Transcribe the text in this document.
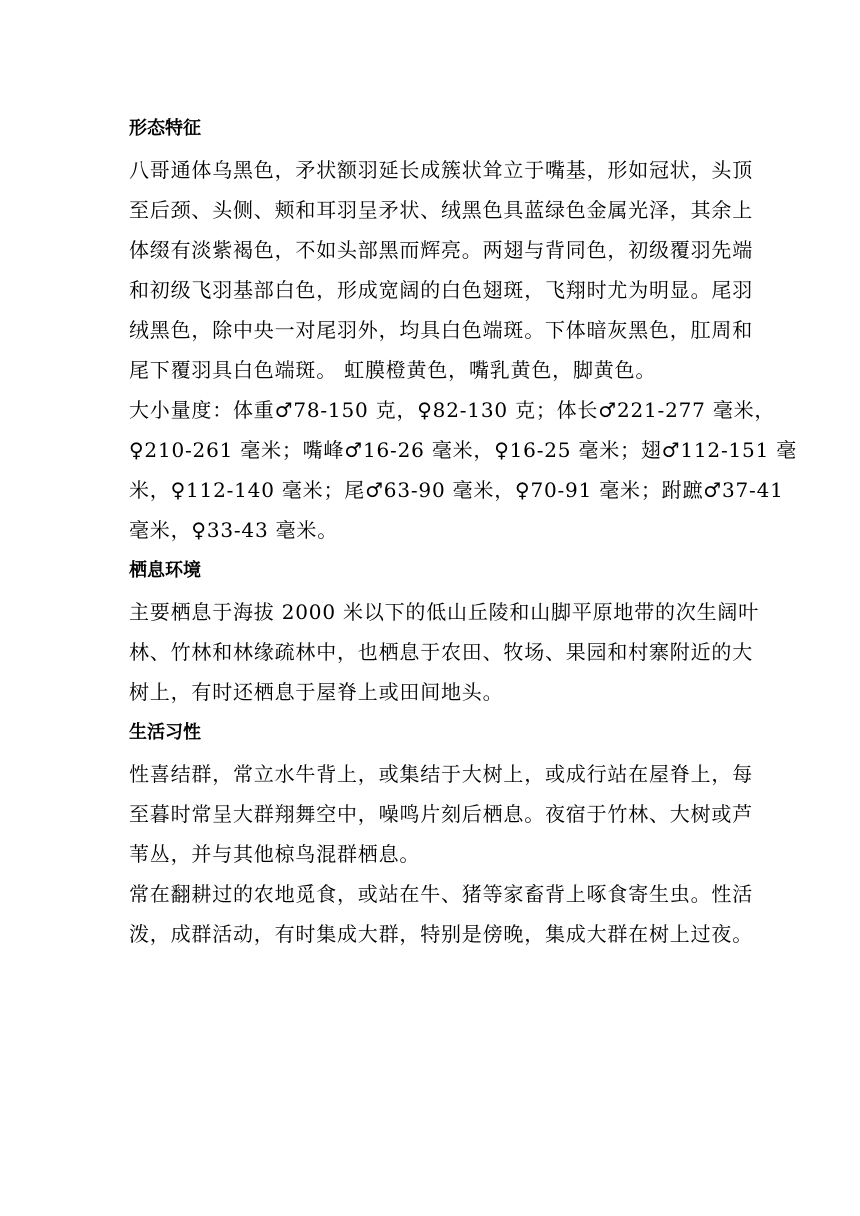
形态特征
八哥通体乌黑色，矛状额羽延长成簇状耸立于嘴基，形如冠状，头顶
至后颈、头侧、颊和耳羽呈矛状、绒黑色具蓝绿色金属光泽，其余上
体缀有淡紫褐色，不如头部黑而辉亮。两翅与背同色，初级覆羽先端
和初级飞羽基部白色，形成宽阔的白色翅斑，飞翔时尤为明显。尾羽
绒黑色，除中央一对尾羽外，均具白色端斑。下体暗灰黑色，肛周和
尾下覆羽具白色端斑。 虹膜橙黄色，嘴乳黄色，脚黄色。
大小量度：体重♂78-150 克，♀82-130 克；体长♂221-277 毫米，
♀210-261 毫米；嘴峰♂16-26 毫米，♀16-25 毫米；翅♂112-151 毫
米，♀112-140 毫米；尾♂63-90 毫米，♀70-91 毫米；跗蹠♂37-41
毫米，♀33-43 毫米。
栖息环境
主要栖息于海拔 2000 米以下的低山丘陵和山脚平原地带的次生阔叶
林、竹林和林缘疏林中，也栖息于农田、牧场、果园和村寨附近的大
树上，有时还栖息于屋脊上或田间地头。
生活习性
性喜结群，常立水牛背上，或集结于大树上，或成行站在屋脊上，每
至暮时常呈大群翔舞空中，噪鸣片刻后栖息。夜宿于竹林、大树或芦
苇丛，并与其他椋鸟混群栖息。
常在翻耕过的农地觅食，或站在牛、猪等家畜背上啄食寄生虫。性活
泼，成群活动，有时集成大群，特别是傍晚，集成大群在树上过夜。
